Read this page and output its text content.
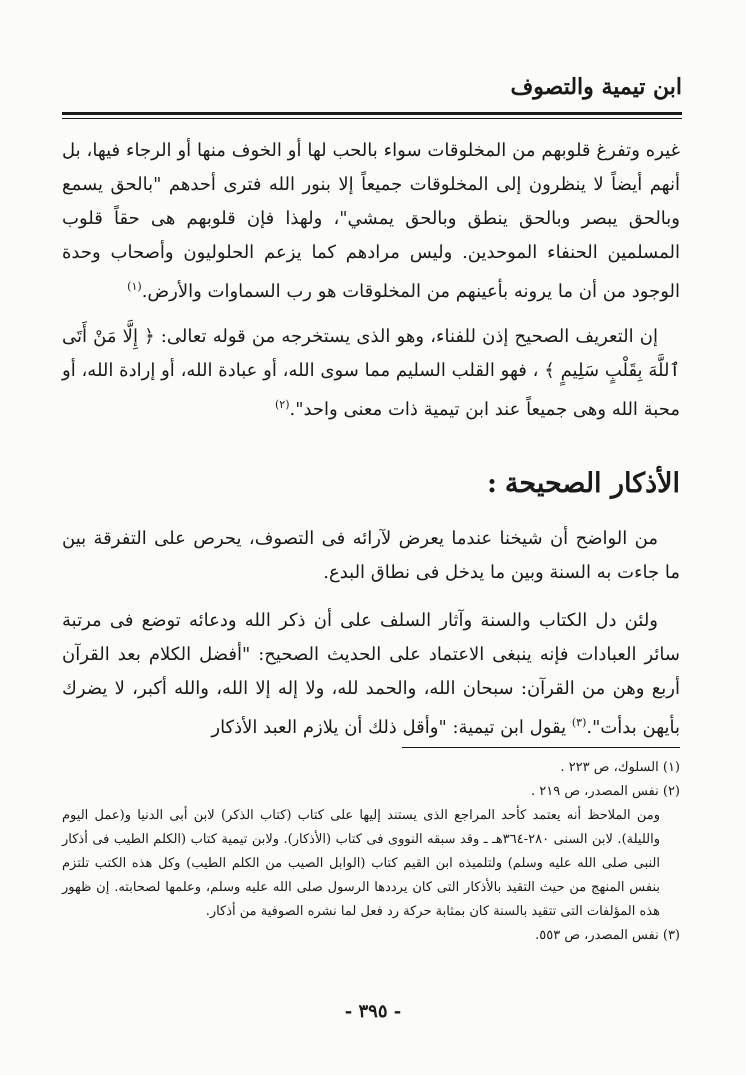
ابن تيمية والتصوف

غيره وتفرغ قلوبهم من المخلوقات سواء بالحب لها أو الخوف منها أو الرجاء فيها، بل أنهم أيضاً لا ينظرون إلى المخلوقات جميعاً إلا بنور الله فترى أحدهم "بالحق يسمع وبالحق يبصر وبالحق ينطق وبالحق يمشي"، ولهذا فإن قلوبهم هى حقاً قلوب المسلمين الحنفاء الموحدين. وليس مرادهم كما يزعم الحلوليون وأصحاب وحدة الوجود من أن ما يرونه بأعينهم من المخلوقات هو رب السماوات والأرض.$^{(١)}$

إن التعريف الصحيح إذن للفناء، وهو الذى يستخرجه من قوله تعالى: ﴿ إِلَّا مَنْ أَتَى ٱللَّهَ بِقَلْبٍ سَلِيمٍ ﴾ ، فهو القلب السليم مما سوى الله، أو عبادة الله، أو إرادة الله، أو محبة الله وهى جميعاً عند ابن تيمية ذات معنى واحد".$^{(٢)}$

الأذكار الصحيحة:

من الواضح أن شيخنا عندما يعرض لآرائه فى التصوف، يحرص على التفرقة بين ما جاءت به السنة وبين ما يدخل فى نطاق البدع.

ولئن دل الكتاب والسنة وآثار السلف على أن ذكر الله ودعائه توضع فى مرتبة سائر العبادات فإنه ينبغى الاعتماد على الحديث الصحيح: "أفضل الكلام بعد القرآن أربع وهن من القرآن: سبحان الله، والحمد لله، ولا إله إلا الله، والله أكبر، لا يضرك بأيهن بدأت".$^{(٣)}$ يقول ابن تيمية: "وأقل ذلك أن يلازم العبد الأذكار

(١) السلوك، ص ٢٢٣ .

(٢) نفس المصدر، ص ٢١٩ .

ومن الملاحظ أنه يعتمد كأحد المراجع الذى يستند إليها على كتاب (كتاب الذكر) لابن أبى الدنيا و(عمل اليوم والليلة). لابن السنى ٢٨٠-٣٦٤هـ ـ وقد سبقه النووى فى كتاب (الأذكار). ولابن تيمية كتاب (الكلم الطيب فى أذكار النبى صلى الله عليه وسلم) ولتلميذه ابن القيم كتاب (الوابل الصيب من الكلم الطيب) وكل هذه الكتب تلتزم بنفس المنهج من حيث التقيد بالأذكار التى كان يرددها الرسول صلى الله عليه وسلم، وعلمها لصحابته. إن ظهور هذه المؤلفات التى تتقيد بالسنة كان بمثابة حركة رد فعل لما نشره الصوفية من أذكار.

(٣) نفس المصدر، ص ٥٥٣.

- ٣٩٥ -
